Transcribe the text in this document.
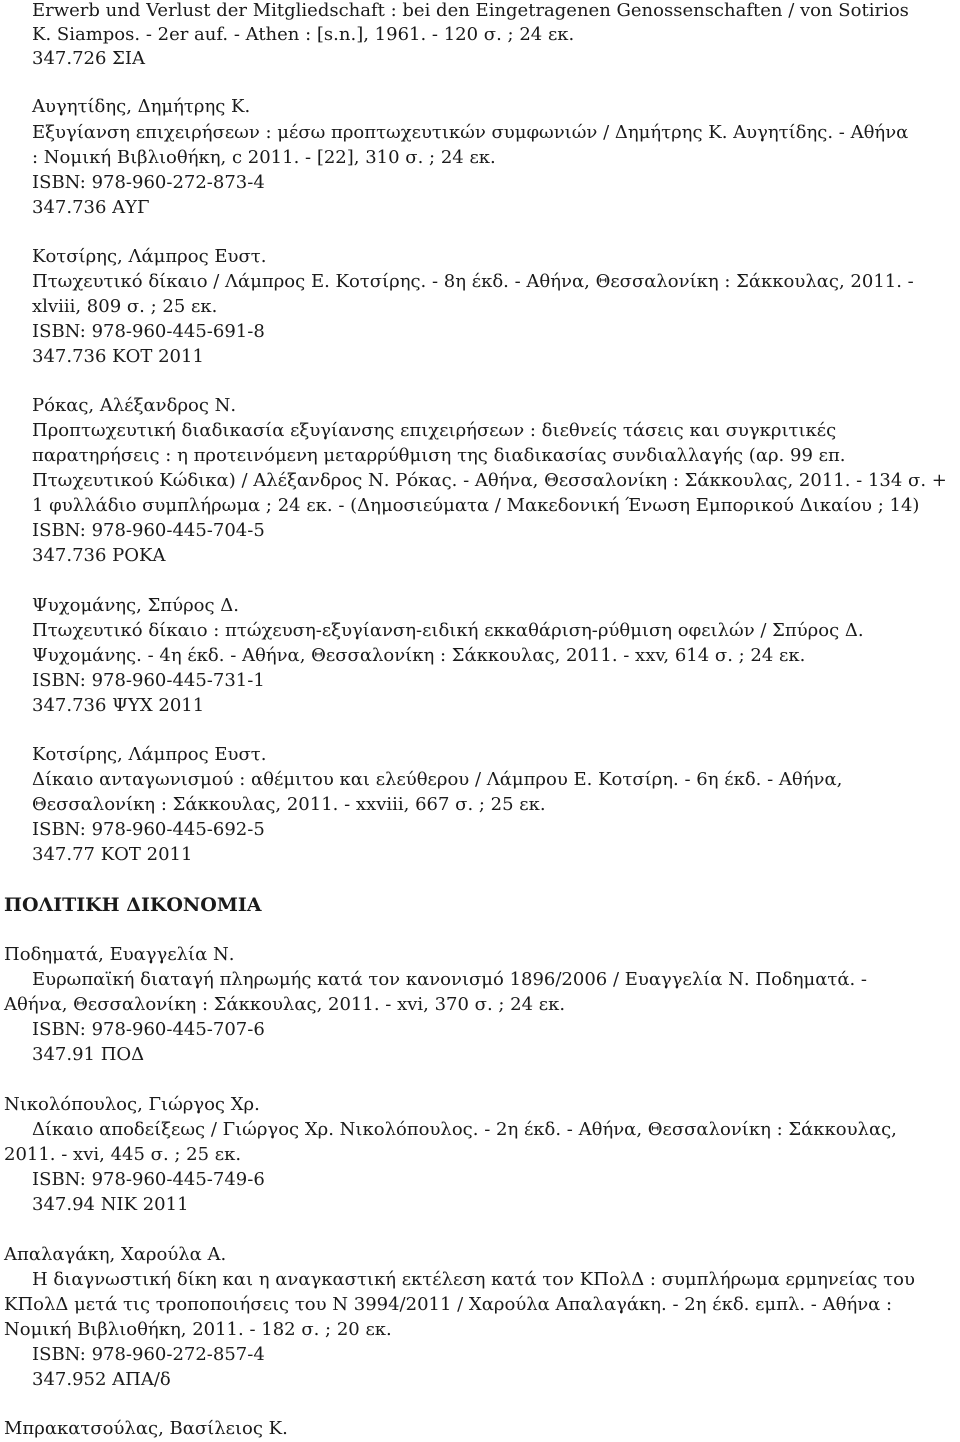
Erwerb und Verlust der Mitgliedschaft : bei den Eingetragenen Genossenschaften / von Sotirios
K. Siampos. - 2er auf. - Athen : [s.n.], 1961. - 120 σ. ; 24 εκ.
347.726 ΣΙΑ
Αυγητίδης, Δημήτρης Κ.
Εξυγίανση επιχειρήσεων : μέσω προπτωχευτικών συμφωνιών / Δημήτρης Κ. Αυγητίδης. - Αθήνα
: Νομική Βιβλιοθήκη, c 2011. - [22], 310 σ. ; 24 εκ.
ISBN: 978-960-272-873-4
347.736 ΑΥΓ
Κοτσίρης, Λάμπρος Ευστ.
Πτωχευτικό δίκαιο / Λάμπρος Ε. Κοτσίρης. - 8η έκδ. - Αθήνα, Θεσσαλονίκη : Σάκκουλας, 2011. -
xlviii, 809 σ. ; 25 εκ.
ISBN: 978-960-445-691-8
347.736 ΚΟΤ 2011
Ρόκας, Αλέξανδρος Ν.
Προπτωχευτική διαδικασία εξυγίανσης επιχειρήσεων : διεθνείς τάσεις και συγκριτικές
παρατηρήσεις : η προτεινόμενη μεταρρύθμιση της διαδικασίας συνδιαλλαγής (αρ. 99 επ.
Πτωχευτικού Κώδικα) / Αλέξανδρος Ν. Ρόκας. - Αθήνα, Θεσσαλονίκη : Σάκκουλας, 2011. - 134 σ. +
1 φυλλάδιο συμπλήρωμα ; 24 εκ. - (Δημοσιεύματα / Μακεδονική Ένωση Εμπορικού Δικαίου ; 14)
ISBN: 978-960-445-704-5
347.736 ΡΟΚΑ
Ψυχομάνης, Σπύρος Δ.
Πτωχευτικό δίκαιο : πτώχευση-εξυγίανση-ειδική εκκαθάριση-ρύθμιση οφειλών / Σπύρος Δ.
Ψυχομάνης. - 4η έκδ. - Αθήνα, Θεσσαλονίκη : Σάκκουλας, 2011. - xxv, 614 σ. ; 24 εκ.
ISBN: 978-960-445-731-1
347.736 ΨΥΧ 2011
Κοτσίρης, Λάμπρος Ευστ.
Δίκαιο ανταγωνισμού : αθέμιτου και ελεύθερου / Λάμπρου Ε. Κοτσίρη. - 6η έκδ. - Αθήνα,
Θεσσαλονίκη : Σάκκουλας, 2011. - xxviii, 667 σ. ; 25 εκ.
ISBN: 978-960-445-692-5
347.77 ΚΟΤ 2011
ΠΟΛΙΤΙΚΗ ΔΙΚΟΝΟΜΙΑ
Ποδηματά, Ευαγγελία Ν.
Ευρωπαϊκή διαταγή πληρωμής κατά τον κανονισμό 1896/2006 / Ευαγγελία Ν. Ποδηματά. -
Αθήνα, Θεσσαλονίκη : Σάκκουλας, 2011. - xvi, 370 σ. ; 24 εκ.
ISBN: 978-960-445-707-6
347.91 ΠΟΔ
Νικολόπουλος, Γιώργος Χρ.
Δίκαιο αποδείξεως / Γιώργος Χρ. Νικολόπουλος. - 2η έκδ. - Αθήνα, Θεσσαλονίκη : Σάκκουλας,
2011. - xvi, 445 σ. ; 25 εκ.
ISBN: 978-960-445-749-6
347.94 ΝΙΚ 2011
Απαλαγάκη, Χαρούλα Α.
Η διαγνωστική δίκη και η αναγκαστική εκτέλεση κατά τον ΚΠολΔ : συμπλήρωμα ερμηνείας του
ΚΠολΔ μετά τις τροποποιήσεις του Ν 3994/2011 / Χαρούλα Απαλαγάκη. - 2η έκδ. εμπλ. - Αθήνα :
Νομική Βιβλιοθήκη, 2011. - 182 σ. ; 20 εκ.
ISBN: 978-960-272-857-4
347.952 ΑΠΑ/δ
Μπρακατσούλας, Βασίλειος Κ.
